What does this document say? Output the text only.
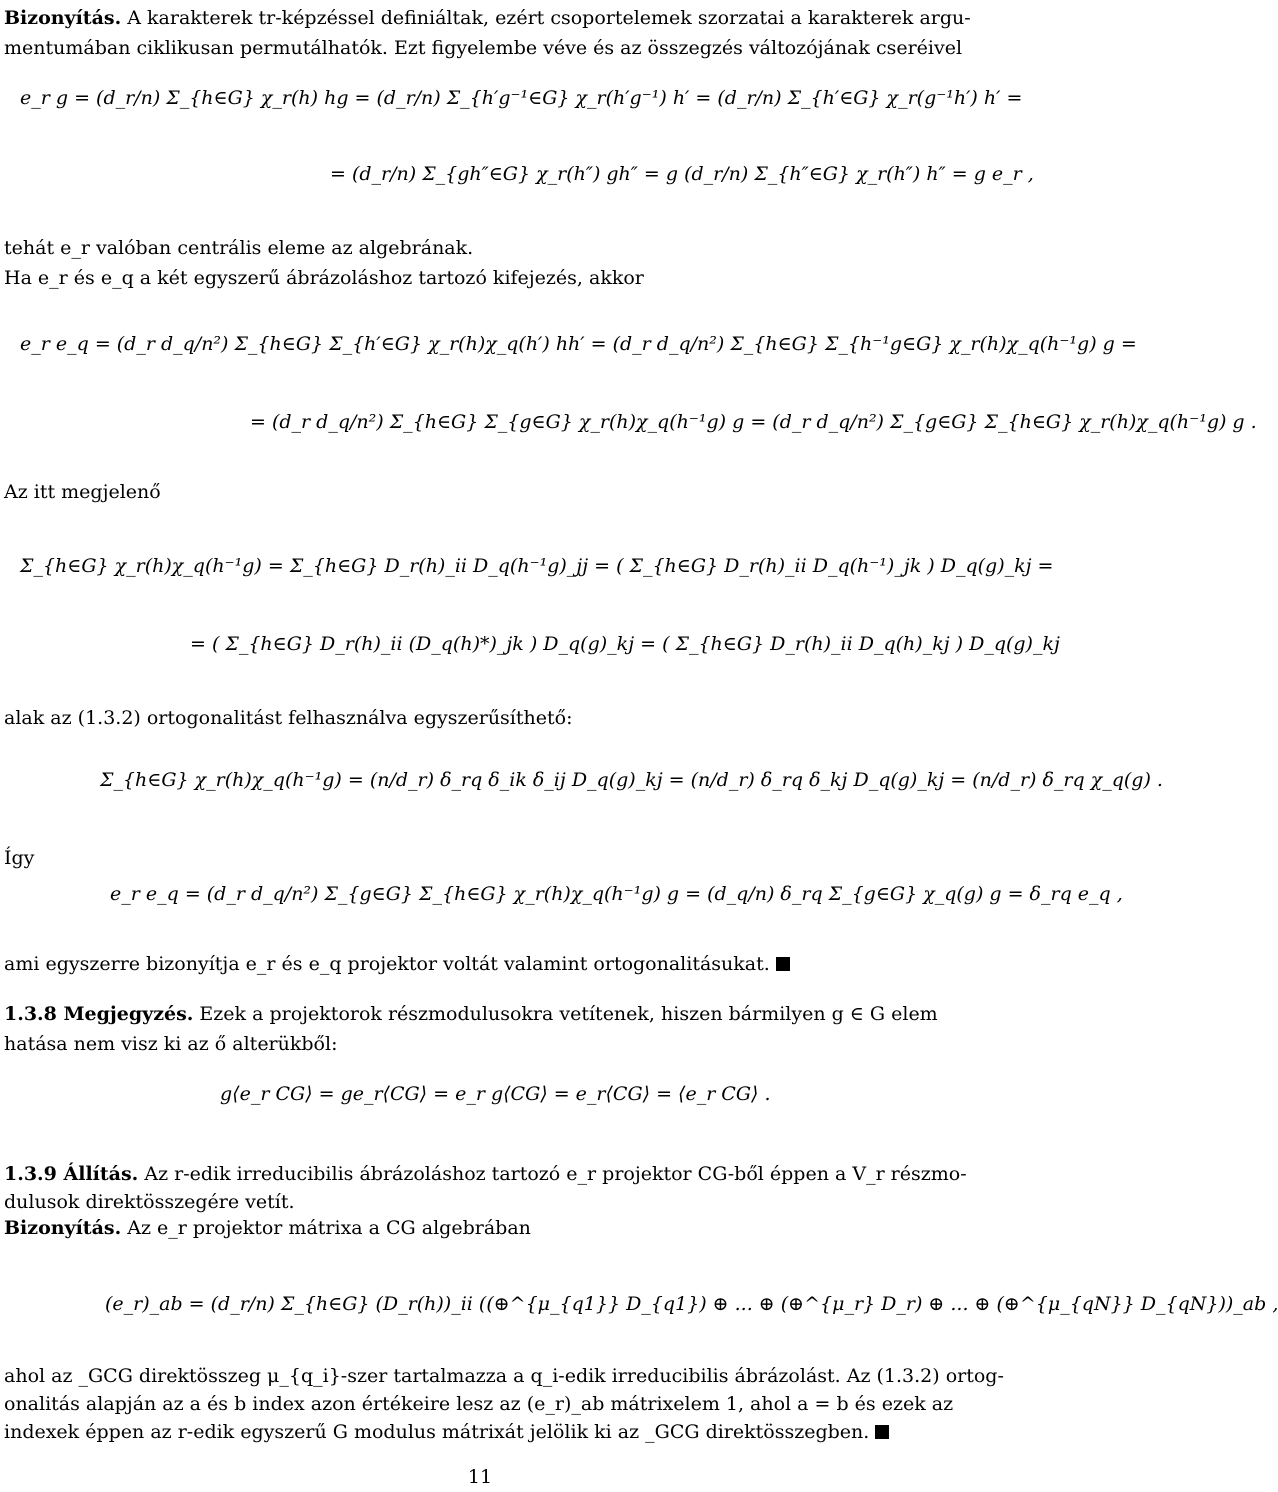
Bizonyítás. A karakterek tr-képzéssel definiáltak, ezért csoportelemek szorzatai a karakterek argu-
mentumában ciklikusan permutálhatók. Ezt figyelembe véve és az összegzés változójának cseréivel
e_r g = (d_r/n) Σ_{h∈G} χ_r(h) hg = (d_r/n) Σ_{h′g⁻¹∈G} χ_r(h′g⁻¹) h′ = (d_r/n) Σ_{h′∈G} χ_r(g⁻¹h′) h′ =
= (d_r/n) Σ_{gh″∈G} χ_r(h″) gh″ = g (d_r/n) Σ_{h″∈G} χ_r(h″) h″ = g e_r ,
tehát e_r valóban centrális eleme az algebrának.
Ha e_r és e_q a két egyszerű ábrázoláshoz tartozó kifejezés, akkor
e_r e_q = (d_r d_q/n²) Σ_{h∈G} Σ_{h′∈G} χ_r(h)χ_q(h′) hh′ = (d_r d_q/n²) Σ_{h∈G} Σ_{h⁻¹g∈G} χ_r(h)χ_q(h⁻¹g) g =
= (d_r d_q/n²) Σ_{h∈G} Σ_{g∈G} χ_r(h)χ_q(h⁻¹g) g = (d_r d_q/n²) Σ_{g∈G} Σ_{h∈G} χ_r(h)χ_q(h⁻¹g) g .
Az itt megjelenő
Σ_{h∈G} χ_r(h)χ_q(h⁻¹g) = Σ_{h∈G} D_r(h)_ii D_q(h⁻¹g)_jj = ( Σ_{h∈G} D_r(h)_ii D_q(h⁻¹)_jk ) D_q(g)_kj =
= ( Σ_{h∈G} D_r(h)_ii (D_q(h)*)_jk ) D_q(g)_kj = ( Σ_{h∈G} D_r(h)_ii D_q(h)_kj ) D_q(g)_kj
alak az (1.3.2) ortogonalitást felhasználva egyszerűsíthető:
Σ_{h∈G} χ_r(h)χ_q(h⁻¹g) = (n/d_r) δ_rq δ_ik δ_ij D_q(g)_kj = (n/d_r) δ_rq δ_kj D_q(g)_kj = (n/d_r) δ_rq χ_q(g) .
Így
e_r e_q = (d_r d_q/n²) Σ_{g∈G} Σ_{h∈G} χ_r(h)χ_q(h⁻¹g) g = (d_q/n) δ_rq Σ_{g∈G} χ_q(g) g = δ_rq e_q ,
ami egyszerre bizonyítja e_r és e_q projektor voltát valamint ortogonalitásukat.
1.3.8 Megjegyzés. Ezek a projektorok részmodulusokra vetítenek, hiszen bármilyen g ∈ G elem
hatása nem visz ki az ő alterükből:
g⟨e_r CG⟩ = ge_r⟨CG⟩ = e_r g⟨CG⟩ = e_r⟨CG⟩ = ⟨e_r CG⟩ .
1.3.9 Állítás. Az r-edik irreducibilis ábrázoláshoz tartozó e_r projektor CG-ből éppen a V_r részmo-
dulusok direktösszegére vetít.
Bizonyítás. Az e_r projektor mátrixa a CG algebrában
(e_r)_ab = (d_r/n) Σ_{h∈G} (D_r(h))_ii ((⊕^{μ_{q1}} D_{q1}) ⊕ ... ⊕ (⊕^{μ_r} D_r) ⊕ ... ⊕ (⊕^{μ_{qN}} D_{qN}))_ab ,
ahol az _GCG direktösszeg μ_{q_i}-szer tartalmazza a q_i-edik irreducibilis ábrázolást. Az (1.3.2) ortog-
onalitás alapján az a és b index azon értékeire lesz az (e_r)_ab mátrixelem 1, ahol a = b és ezek az
indexek éppen az r-edik egyszerű G modulus mátrixát jelölik ki az _GCG direktösszegben.
11
